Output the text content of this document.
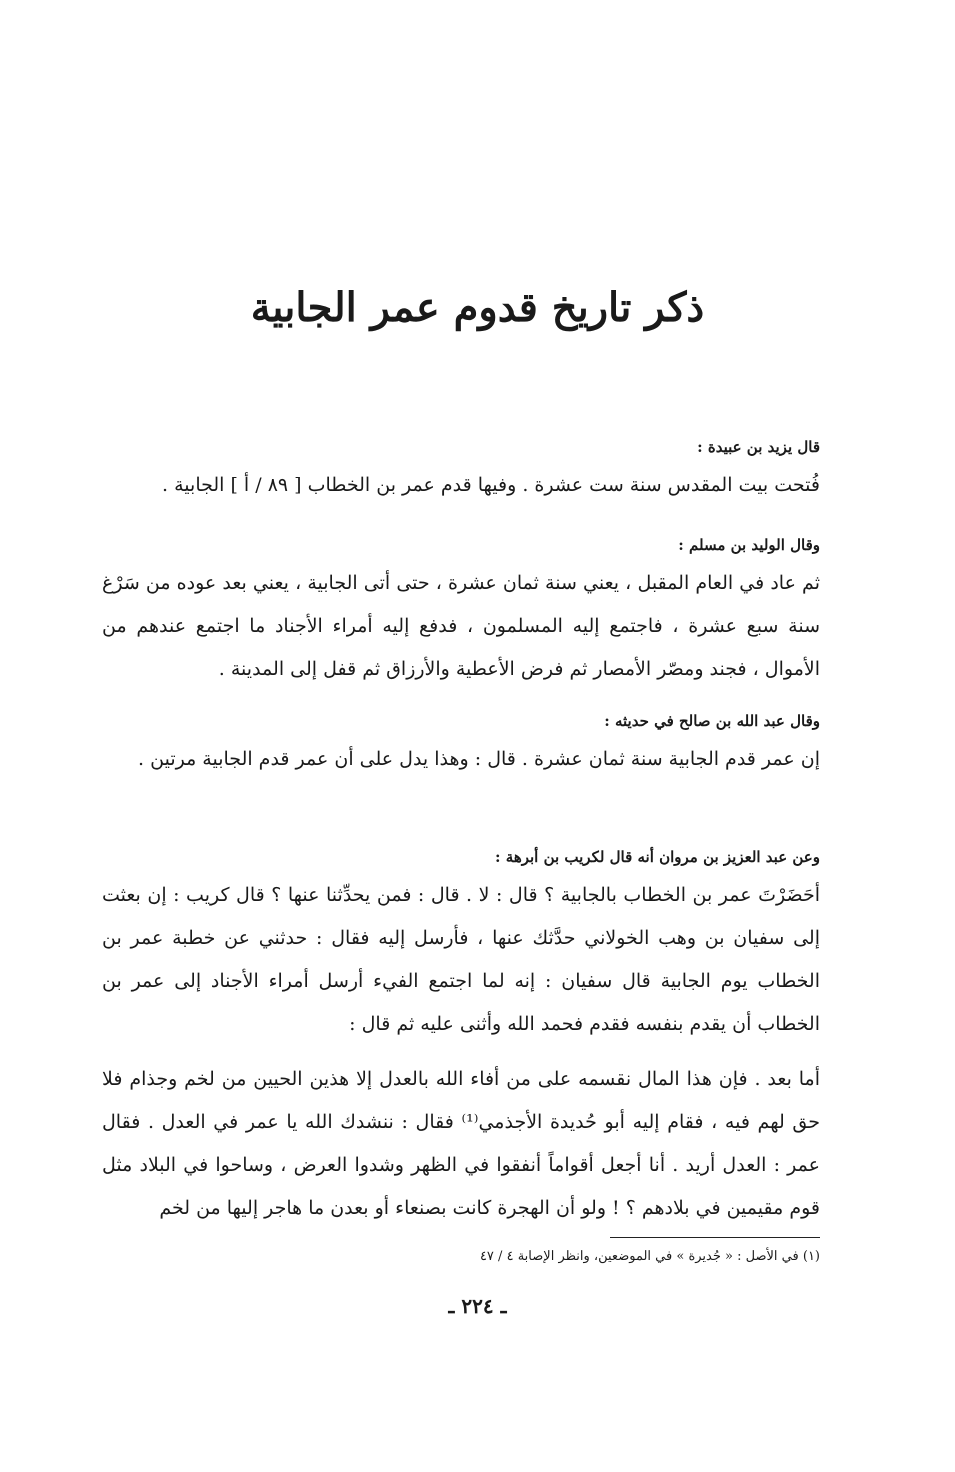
ذكر تاريخ قدوم عمر الجابية
قال يزيد بن عبيدة :
فُتحت بيت المقدس سنة ست عشرة . وفيها قدم عمر بن الخطاب [ ٨٩ / أ ] الجابية .
وقال الوليد بن مسلم :
ثم عاد في العام المقبل ، يعني سنة ثمان عشرة ، حتى أتى الجابية ، يعني بعد عوده من سَرْغ سنة سبع عشرة ، فاجتمع إليه المسلمون ، فدفع إليه أمراء الأجناد ما اجتمع عندهم من الأموال ، فجند ومصّر الأمصار ثم فرض الأعطية والأرزاق ثم قفل إلى المدينة .
وقال عبد الله بن صالح في حديثه :
إن عمر قدم الجابية سنة ثمان عشرة . قال : وهذا يدل على أن عمر قدم الجابية مرتين .
وعن عبد العزيز بن مروان أنه قال لكريب بن أبرهة :
أحَضَرْتَ عمر بن الخطاب بالجابية ؟ قال : لا . قال : فمن يحدِّثنا عنها ؟ قال كريب : إن بعثت إلى سفيان بن وهب الخولاني حدَّثك عنها ، فأرسل إليه فقال : حدثني عن خطبة عمر بن الخطاب يوم الجابية قال سفيان : إنه لما اجتمع الفيء أرسل أمراء الأجناد إلى عمر بن الخطاب أن يقدم بنفسه فقدم فحمد الله وأثنى عليه ثم قال :
أما بعد . فإن هذا المال نقسمه على من أفاء الله بالعدل إلا هذين الحيين من لخم وجذام فلا حق لهم فيه ، فقام إليه أبو حُديدة الأجذمي⁽¹⁾ فقال : ننشدك الله يا عمر في العدل . فقال عمر : العدل أريد . أنا أجعل أقواماً أنفقوا في الظهر وشدوا العرض ، وساحوا في البلاد مثل قوم مقيمين في بلادهم ؟ ! ولو أن الهجرة كانت بصنعاء أو بعدن ما هاجر إليها من لخم
(١) في الأصل : « جُديرة » في الموضعين، وانظر الإصابة ٤ / ٤٧
ـ ٢٢٤ ـ
